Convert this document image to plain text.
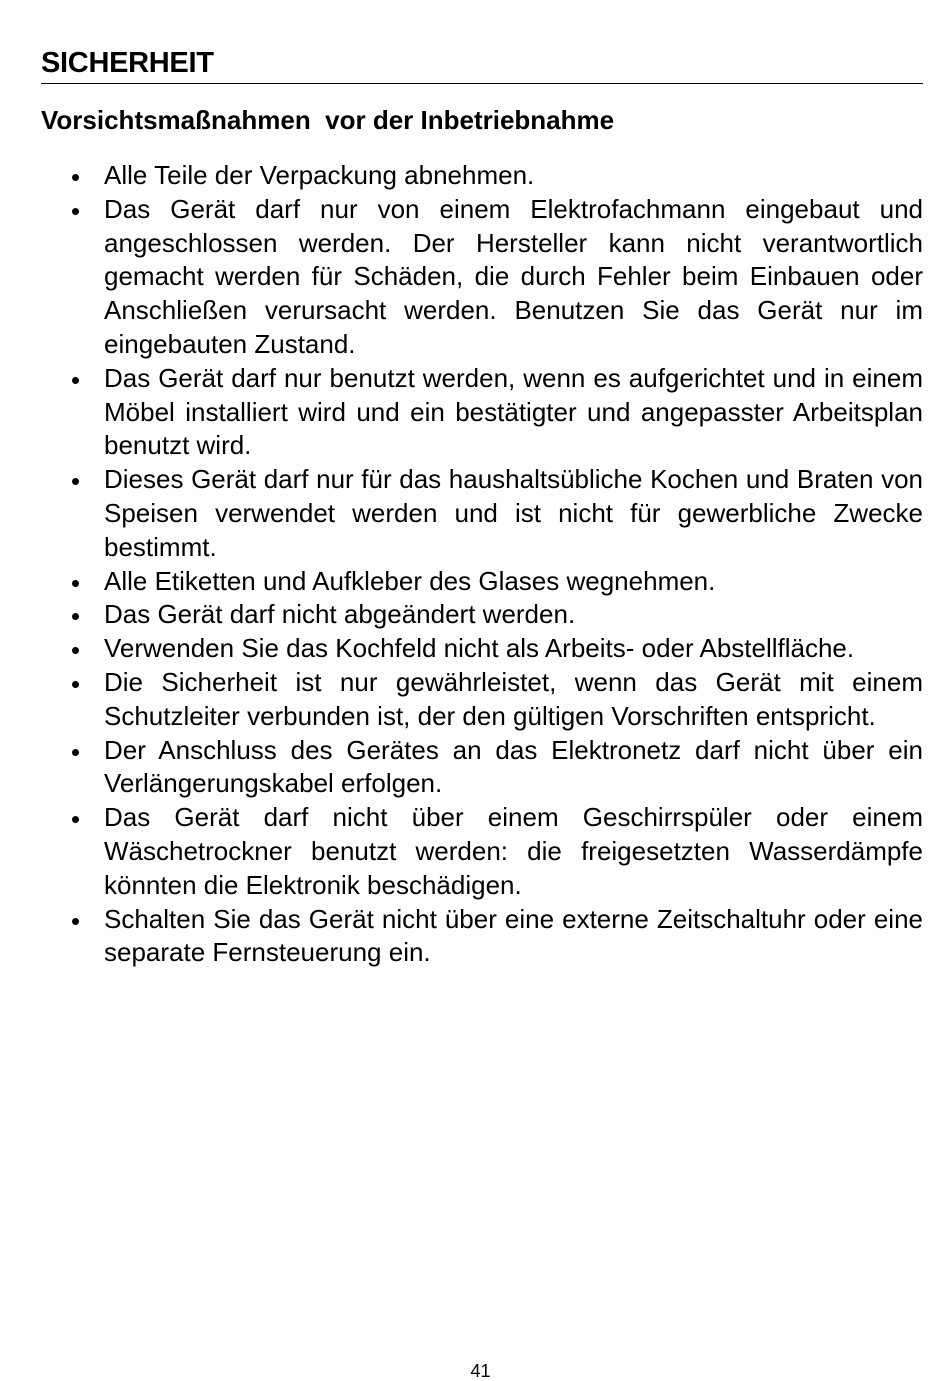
SICHERHEIT
Vorsichtsmaßnahmen  vor der Inbetriebnahme
Alle Teile der Verpackung abnehmen.
Das Gerät darf nur von einem Elektrofachmann eingebaut und angeschlossen werden. Der Hersteller kann nicht verantwortlich gemacht werden für Schäden, die durch Fehler beim Einbauen oder Anschließen verursacht werden. Benutzen Sie das Gerät nur im eingebauten Zustand.
Das Gerät darf nur benutzt werden, wenn es aufgerichtet und in einem Möbel installiert wird und ein bestätigter und angepasster Arbeitsplan benutzt wird.
Dieses Gerät darf nur für das haushaltsübliche Kochen und Braten von Speisen verwendet werden und ist nicht für gewerbliche Zwecke bestimmt.
Alle Etiketten und Aufkleber des Glases wegnehmen.
Das Gerät darf nicht abgeändert werden.
Verwenden Sie das Kochfeld nicht als Arbeits- oder Abstellfläche.
Die Sicherheit ist nur gewährleistet, wenn das Gerät mit einem Schutzleiter verbunden ist, der den gültigen Vorschriften entspricht.
Der Anschluss des Gerätes an das Elektronetz darf nicht über ein Verlängerungskabel erfolgen.
Das Gerät darf nicht über einem Geschirrspüler oder einem Wäschetrockner benutzt werden: die freigesetzten Wasserdämpfe könnten die Elektronik beschädigen.
Schalten Sie das Gerät nicht über eine externe Zeitschaltuhr oder eine separate Fernsteuerung ein.
41
